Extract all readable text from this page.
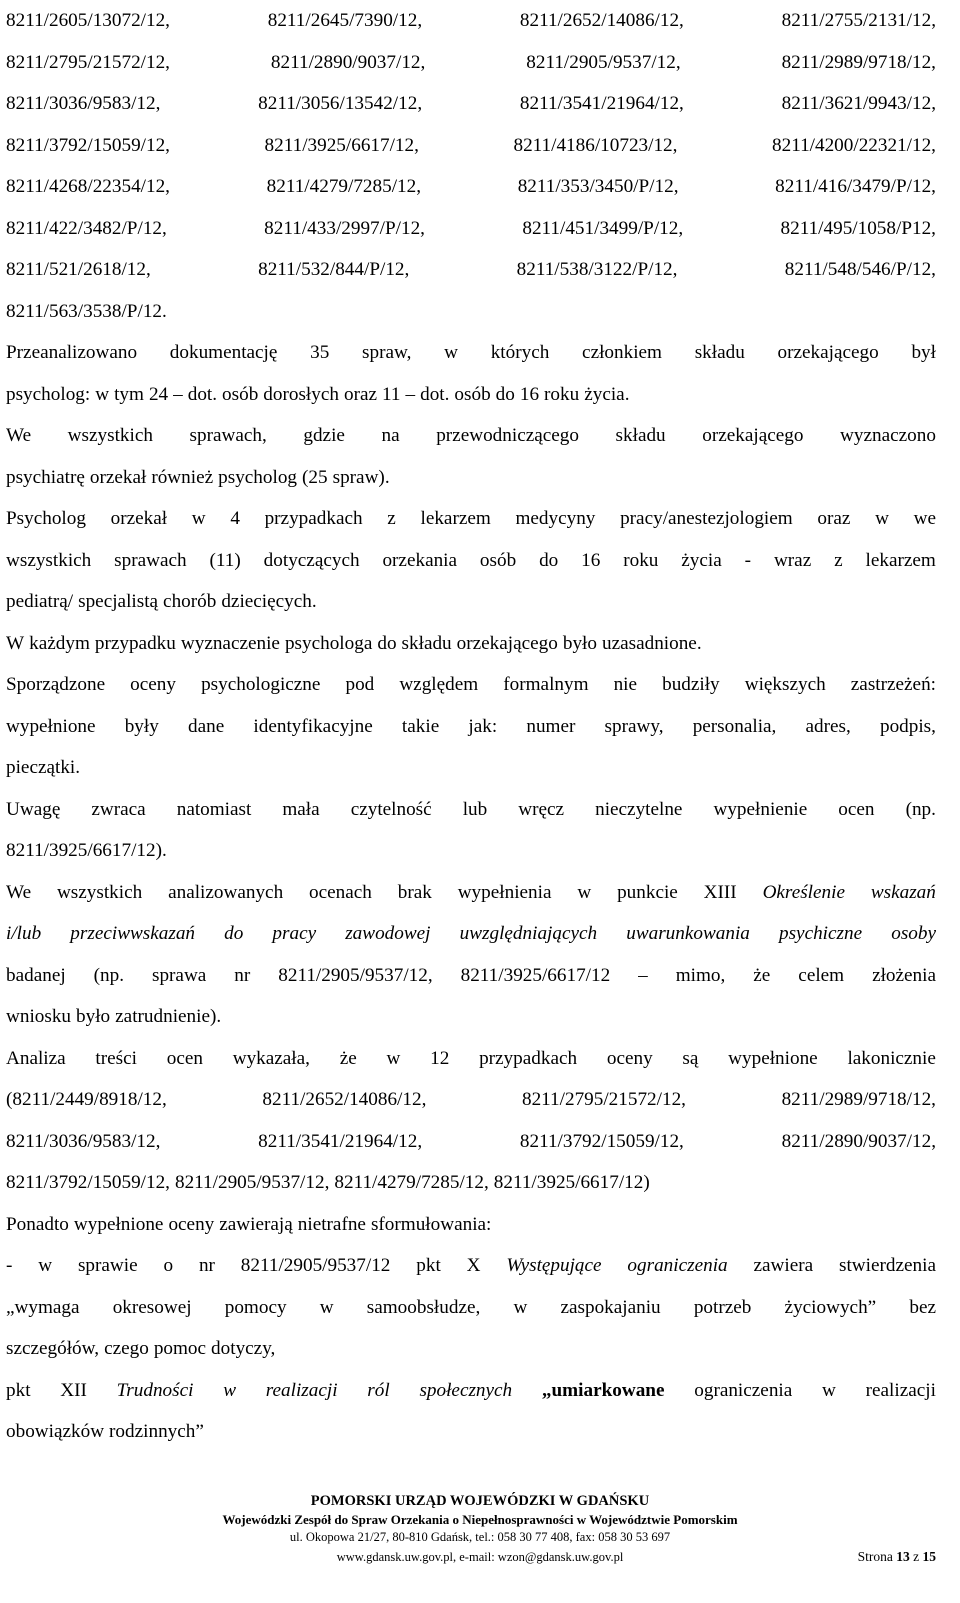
8211/2605/13072/12,	8211/2645/7390/12,	8211/2652/14086/12,	8211/2755/2131/12,
8211/2795/21572/12,	8211/2890/9037/12,	8211/2905/9537/12,	8211/2989/9718/12,
8211/3036/9583/12,	8211/3056/13542/12,	8211/3541/21964/12,	8211/3621/9943/12,
8211/3792/15059/12,	8211/3925/6617/12,	8211/4186/10723/12,	8211/4200/22321/12,
8211/4268/22354/12,	8211/4279/7285/12,	8211/353/3450/P/12,	8211/416/3479/P/12,
8211/422/3482/P/12,	8211/433/2997/P/12,	8211/451/3499/P/12,	8211/495/1058/P12,
8211/521/2618/12,	8211/532/844/P/12,	8211/538/3122/P/12,	8211/548/546/P/12,
8211/563/3538/P/12.
Przeanalizowano dokumentację 35 spraw, w których członkiem składu orzekającego był
psycholog: w tym 24 – dot. osób dorosłych oraz 11 – dot. osób do 16 roku życia.
We wszystkich sprawach, gdzie na przewodniczącego składu orzekającego wyznaczono
psychiatrę orzekał również psycholog (25 spraw).
Psycholog orzekał w 4 przypadkach z lekarzem medycyny pracy/anestezjologiem oraz w we
wszystkich sprawach (11) dotyczących orzekania osób do 16 roku życia - wraz z lekarzem
pediatrą/ specjalistą chorób dziecięcych.
W każdym przypadku wyznaczenie psychologa do składu orzekającego było uzasadnione.
Sporządzone oceny psychologiczne pod względem formalnym nie budziły większych zastrzeżeń:
wypełnione były dane identyfikacyjne takie jak: numer sprawy, personalia, adres, podpis,
pieczątki.
Uwagę zwraca natomiast mała czytelność lub wręcz nieczytelne wypełnienie ocen (np.
8211/3925/6617/12).
We wszystkich analizowanych ocenach brak wypełnienia w punkcie XIII Określenie wskazań
i/lub przeciwwskazań do pracy zawodowej uwzględniających uwarunkowania psychiczne osoby
badanej (np. sprawa nr 8211/2905/9537/12, 8211/3925/6617/12 – mimo, że celem złożenia
wniosku było zatrudnienie).
Analiza treści ocen wykazała, że w 12 przypadkach oceny są wypełnione lakonicznie
(8211/2449/8918/12,	8211/2652/14086/12,	8211/2795/21572/12,	8211/2989/9718/12,
8211/3036/9583/12,	8211/3541/21964/12,	8211/3792/15059/12,	8211/2890/9037/12,
8211/3792/15059/12, 8211/2905/9537/12, 8211/4279/7285/12, 8211/3925/6617/12)
Ponadto wypełnione oceny zawierają nietrafne sformułowania:
- w sprawie o nr 8211/2905/9537/12 pkt X Występujące ograniczenia zawiera stwierdzenia
„wymaga okresowej pomocy w samoobsłudze, w zaspokajaniu potrzeb życiowych” bez
szczegółów, czego pomoc dotyczy,
pkt XII Trudności w realizacji ról społecznych „umiarkowane ograniczenia w realizacji
obowiązków rodzinnych”
POMORSKI URZĄD WOJEWÓDZKI W GDAŃSKU
Wojewódzki Zespół do Spraw Orzekania o Niepełnosprawności w Województwie Pomorskim
ul. Okopowa 21/27, 80-810 Gdańsk, tel.: 058 30 77 408, fax: 058 30 53 697
www.gdansk.uw.gov.pl, e-mail: wzon@gdansk.uw.gov.pl	Strona 13 z 15
